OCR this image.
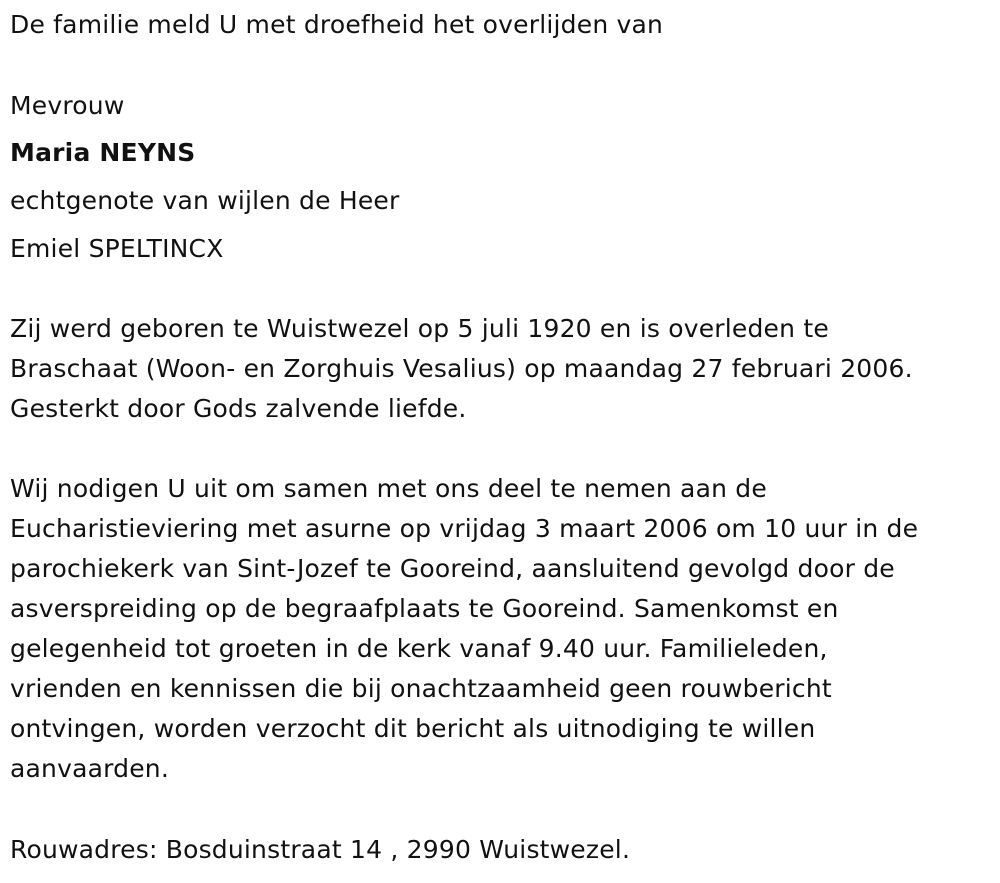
De familie meld U met droefheid het overlijden van
Mevrouw
Maria NEYNS
echtgenote van wijlen de Heer
Emiel SPELTINCX
Zij werd geboren te Wuistwezel op 5 juli 1920 en is overleden te
Braschaat (Woon- en Zorghuis Vesalius) op maandag 27 februari 2006.
Gesterkt door Gods zalvende liefde.
Wij nodigen U uit om samen met ons deel te nemen aan de
Eucharistieviering met asurne op vrijdag 3 maart 2006 om 10 uur in de
parochiekerk van Sint-Jozef te Gooreind, aansluitend gevolgd door de
asverspreiding op de begraafplaats te Gooreind. Samenkomst en
gelegenheid tot groeten in de kerk vanaf 9.40 uur. Familieleden,
vrienden en kennissen die bij onachtzaamheid geen rouwbericht
ontvingen, worden verzocht dit bericht als uitnodiging te willen
aanvaarden.
Rouwadres: Bosduinstraat 14 , 2990 Wuistwezel.
